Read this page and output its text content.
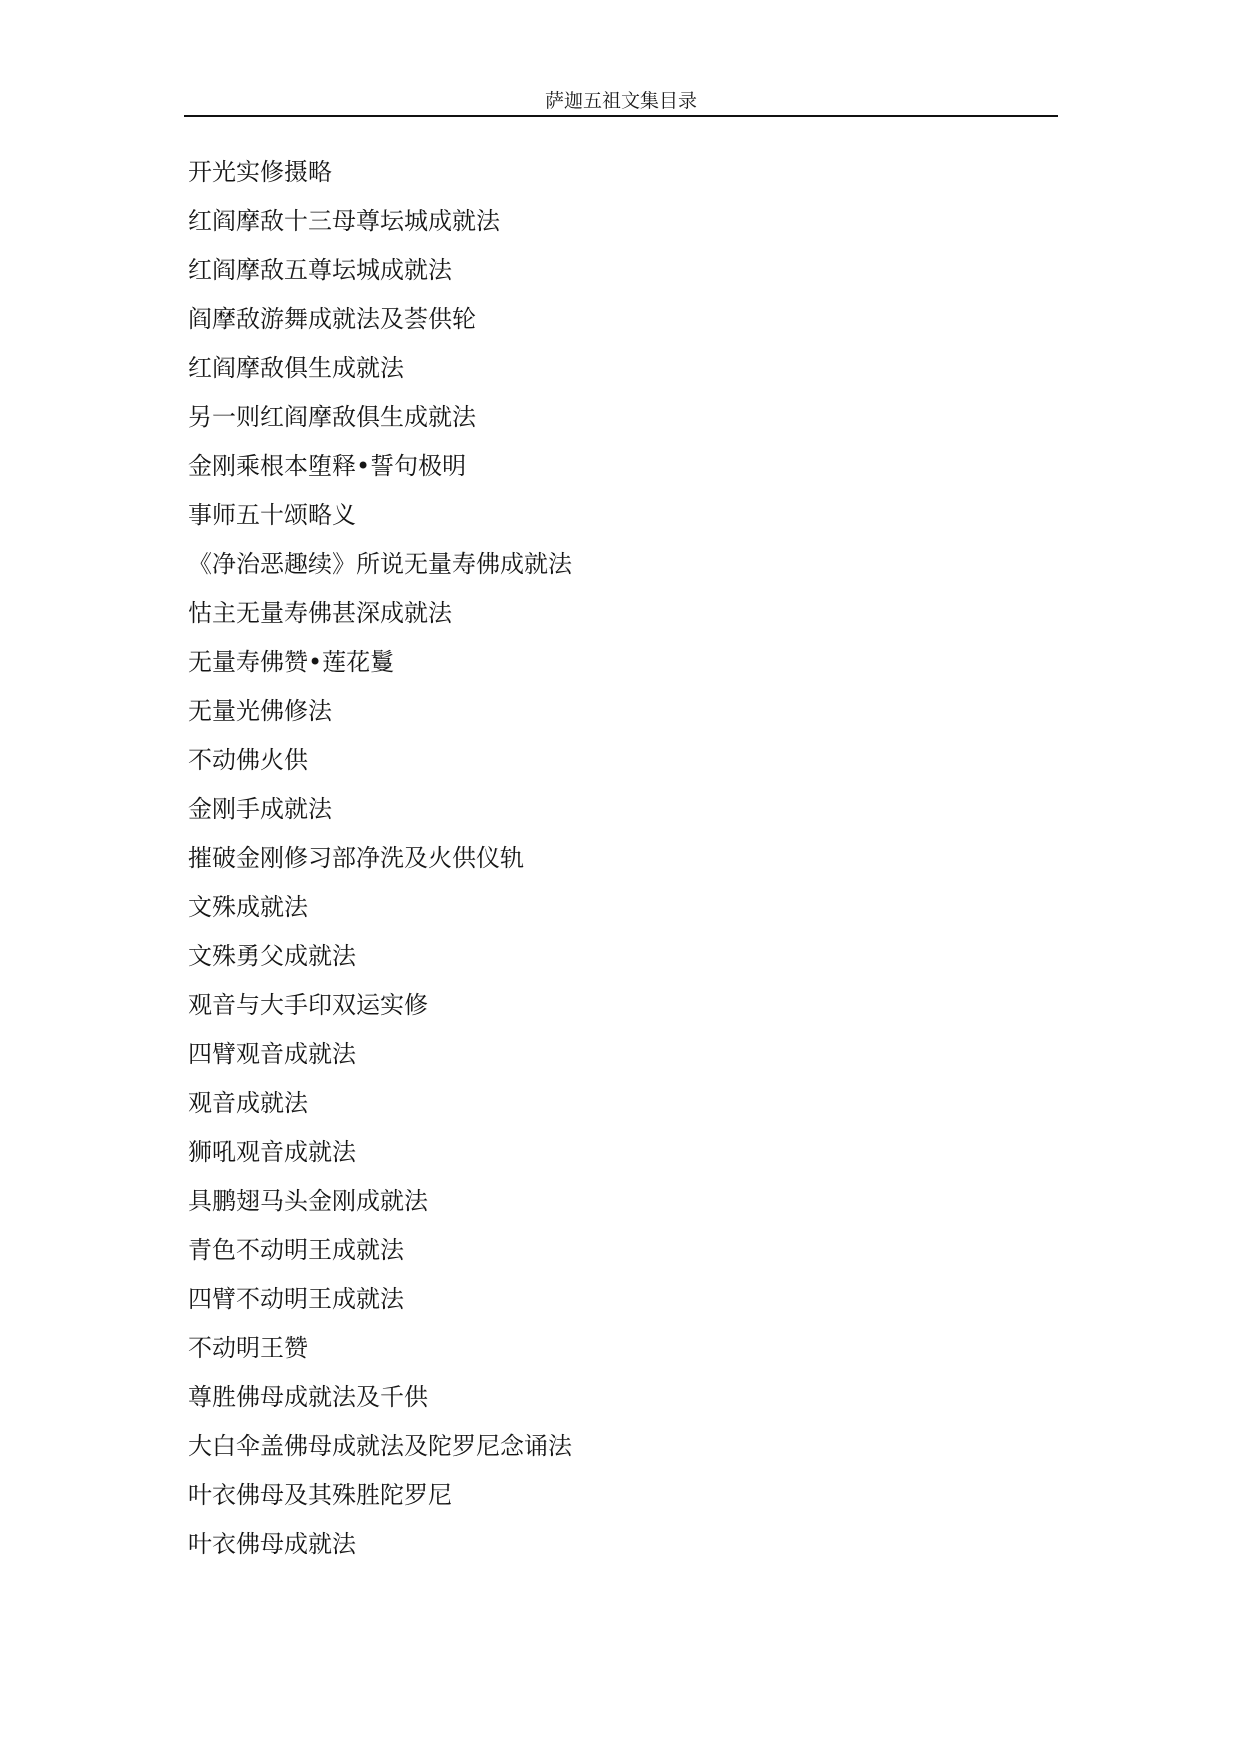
萨迦五祖文集目录
开光实修摄略
红阎摩敌十三母尊坛城成就法
红阎摩敌五尊坛城成就法
阎摩敌游舞成就法及荟供轮
红阎摩敌俱生成就法
另一则红阎摩敌俱生成就法
金刚乘根本堕释•誓句极明
事师五十颂略义
《净治恶趣续》所说无量寿佛成就法
怙主无量寿佛甚深成就法
无量寿佛赞•莲花鬘
无量光佛修法
不动佛火供
金刚手成就法
摧破金刚修习部净洗及火供仪轨
文殊成就法
文殊勇父成就法
观音与大手印双运实修
四臂观音成就法
观音成就法
狮吼观音成就法
具鹏翅马头金刚成就法
青色不动明王成就法
四臂不动明王成就法
不动明王赞
尊胜佛母成就法及千供
大白伞盖佛母成就法及陀罗尼念诵法
叶衣佛母及其殊胜陀罗尼
叶衣佛母成就法
